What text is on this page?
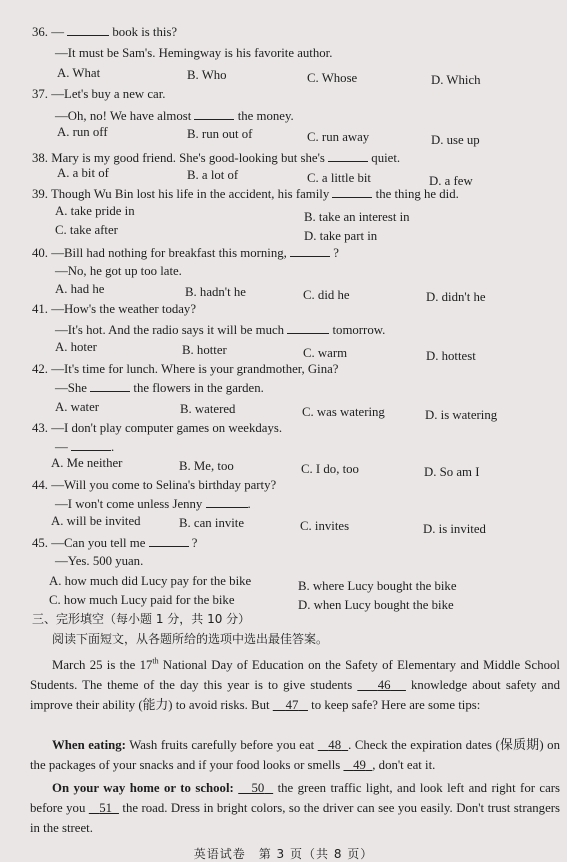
36. —	book is this?
—It must be Sam's. Hemingway is his favorite author.
A. What	B. Who	C. Whose	D. Which
37. —Let's buy a new car.
—Oh, no! We have almost	the money.
A. run off	B. run out of	C. run away	D. use up
38. Mary is my good friend. She's good-looking but she's	quiet.
A. a bit of	B. a lot of	C. a little bit	D. a few
39. Though Wu Bin lost his life in the accident, his family	the thing he did.
A. take pride in	B. take an interest in
C. take after	D. take part in
40. —Bill had nothing for breakfast this morning,	?
—No, he got up too late.
A. had he	B. hadn't he	C. did he	D. didn't he
41. —How's the weather today?
—It's hot. And the radio says it will be much	tomorrow.
A. hoter	B. hotter	C. warm	D. hottest
42. —It's time for lunch. Where is your grandmother, Gina?
—She	the flowers in the garden.
A. water	B. watered	C. was watering	D. is watering
43. —I don't play computer games on weekdays.
—	.
A. Me neither	B. Me, too	C. I do, too	D. So am I
44. —Will you come to Selina's birthday party?
—I won't come unless Jenny	.
A. will be invited	B. can invite	C. invites	D. is invited
45. —Can you tell me	?
—Yes. 500 yuan.
A. how much did Lucy pay for the bike	B. where Lucy bought the bike
C. how much Lucy paid for the bike	D. when Lucy bought the bike
三、完形填空（每小题 1 分，共 10 分）
阅读下面短文，从各题所给的选项中选出最佳答案。
March 25 is the 17th National Day of Education on the Safety of Elementary and Middle School Students. The theme of the day this year is to give students     46    knowledge about safety and improve their ability (能力) to avoid risks. But     47    to keep safe? Here are some tips:
When eating: Wash fruits carefully before you eat    48 . Check the expiration dates (保质期) on the packages of your snacks and if your food looks or smells    49 , don't eat it.
On your way home or to school: 50   the green traffic light, and look left and right for cars before you    51   the road. Dress in bright colors, so the driver can see you easily. Don't trust strangers in the street.
英语试卷　第 3 页（共 8 页）
